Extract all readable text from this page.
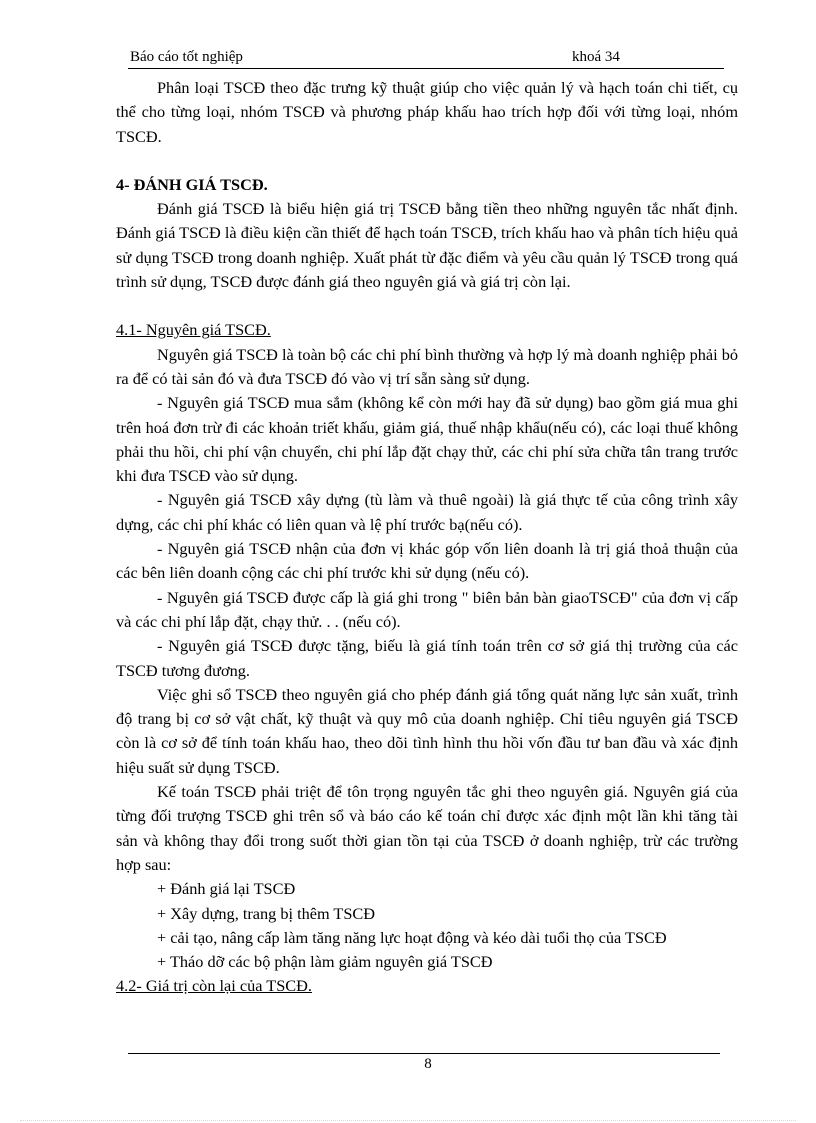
Báo cáo tốt nghiệp	khoá 34

Phân loại TSCĐ theo đặc trưng kỹ thuật giúp cho việc quản lý và hạch toán chi tiết, cụ thể cho từng loại, nhóm TSCĐ và phương pháp khấu hao trích hợp đối với từng loại, nhóm TSCĐ.

4- ĐÁNH GIÁ TSCĐ.

Đánh giá TSCĐ là biểu hiện giá trị TSCĐ bằng tiền theo những nguyên tắc nhất định. Đánh giá TSCĐ là điều kiện cần thiết để hạch toán TSCĐ, trích khấu hao và phân tích hiệu quả sử dụng TSCĐ trong doanh nghiệp. Xuất phát từ đặc điểm và yêu cầu quản lý TSCĐ trong quá trình sử dụng, TSCĐ được đánh giá theo nguyên giá và giá trị còn lại.

4.1- Nguyên giá TSCĐ.

Nguyên giá TSCĐ là toàn bộ các chi phí bình thường và hợp lý mà doanh nghiệp phải bỏ ra để có tài sản đó và đưa TSCĐ đó vào vị trí sẵn sàng sử dụng.

- Nguyên giá TSCĐ mua sắm (không kể còn mới hay đã sử dụng) bao gồm giá mua ghi trên hoá đơn trừ đi các khoản triết khấu, giảm giá, thuế nhập khẩu(nếu có), các loại thuế không phải thu hồi, chi phí vận chuyển, chi phí lắp đặt chạy thử, các chi phí sửa chữa tân trang trước khi đưa TSCĐ vào sử dụng.

- Nguyên giá TSCĐ xây dựng (tù làm và thuê ngoài) là giá thực tế của công trình xây dựng, các chi phí khác có liên quan và lệ phí trước bạ(nếu có).

- Nguyên giá TSCĐ nhận của đơn vị khác góp vốn liên doanh là trị giá thoả thuận của các bên liên doanh cộng các chi phí trước khi sử dụng (nếu có).

- Nguyên giá TSCĐ được cấp là giá ghi trong " biên bản bàn giaoTSCĐ" của đơn vị cấp và các chi phí lắp đặt, chạy thử. . . (nếu có).

- Nguyên giá TSCĐ được tặng, biếu là giá tính toán trên cơ sở giá thị trường của các TSCĐ tương đương.

Việc ghi sổ TSCĐ theo nguyên giá cho phép đánh giá tổng quát năng lực sản xuất, trình độ trang bị cơ sở vật chất, kỹ thuật và quy mô của doanh nghiệp. Chỉ tiêu nguyên giá TSCĐ còn là cơ sở để tính toán khấu hao, theo dõi tình hình thu hồi vốn đầu tư ban đầu và xác định hiệu suất sử dụng TSCĐ.

Kế toán TSCĐ phải triệt để tôn trọng nguyên tắc ghi theo nguyên giá. Nguyên giá của từng đối trượng TSCĐ ghi trên sổ và báo cáo kế toán chỉ được xác định một lần khi tăng tài sản và không thay đổi trong suốt thời gian tồn tại của TSCĐ ở doanh nghiệp, trừ các trường hợp sau:

+ Đánh giá lại TSCĐ

+ Xây dựng, trang bị thêm TSCĐ

+ cải tạo, nâng cấp làm tăng năng lực hoạt động và kéo dài tuổi thọ của TSCĐ

+ Tháo dỡ các bộ phận làm giảm nguyên giá TSCĐ

4.2- Giá trị còn lại của TSCĐ.

8
